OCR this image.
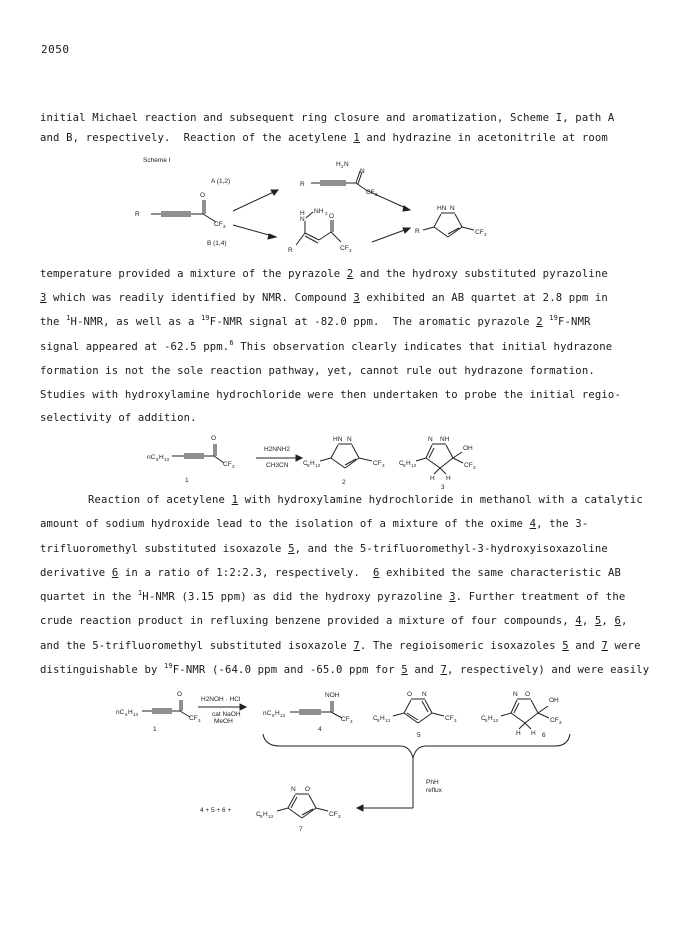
2050
initial Michael reaction and subsequent ring closure and aromatization, Scheme I, path A
and B, respectively.  Reaction of the acetylene 1 and hydrazine in acetonitrile at room
R
O
CF 3
R
H 2 N
N
CF 3
R
H
N
NH 2 O
CF 3
HN N
R	CF 3
A (1,2)
B (1,4)
Scheme I
temperature provided a mixture of the pyrazole 2 and the hydroxy substituted pyrazoline
3 which was readily identified by NMR. Compound 3 exhibited an AB quartet at 2.8 ppm in
the $^1$H-NMR, as well as a $^{19}$F-NMR signal at -82.0 ppm.  The aromatic pyrazole 2 $^{19}$F-NMR
signal appeared at -62.5 ppm.$^6$ This observation clearly indicates that initial hydrazone
formation is not the sole reaction pathway, yet, cannot rule out hydrazone formation.
Studies with hydroxylamine hydrochloride were then undertaken to probe the initial regio-
selectivity of addition.
nC 6 H 13
O
CF 3
H2NNH2
CH3CN
1
HN N
C 6 H 13	CF 3
2
N NH
OH
C 6 H 13	CF 3
H H
3
Reaction of acetylene 1 with hydroxylamine hydrochloride in methanol with a catalytic
amount of sodium hydroxide lead to the isolation of a mixture of the oxime 4, the 3-
trifluoromethyl substituted isoxazole 5, and the 5-trifluoromethyl-3-hydroxyisoxazoline
derivative 6 in a ratio of 1:2:2.3, respectively.  6 exhibited the same characteristic AB
quartet in the $^1$H-NMR (3.15 ppm) as did the hydroxy pyrazoline 3. Further treatment of the
crude reaction product in refluxing benzene provided a mixture of four compounds, 4, 5, 6,
and the 5-trifluoromethyl substituted isoxazole 7. The regioisomeric isoxazoles 5 and 7 were
distinguishable by $^{19}$F-NMR (-64.0 ppm and -65.0 ppm for 5 and 7, respectively) and were easily
nC 6 H 13
O
CF 3
1
H2NOH · HCl
cat NaOH
MeOH
nC 6 H 13
NOH
CF 3
4
O N
C 6 H 13	CF 3
5
N O
OH
C 6 H 13	CF 3
H H 6
PhH
reflux
4 + 5 + 6 +
N O
C 6 H 13	CF 3
7
